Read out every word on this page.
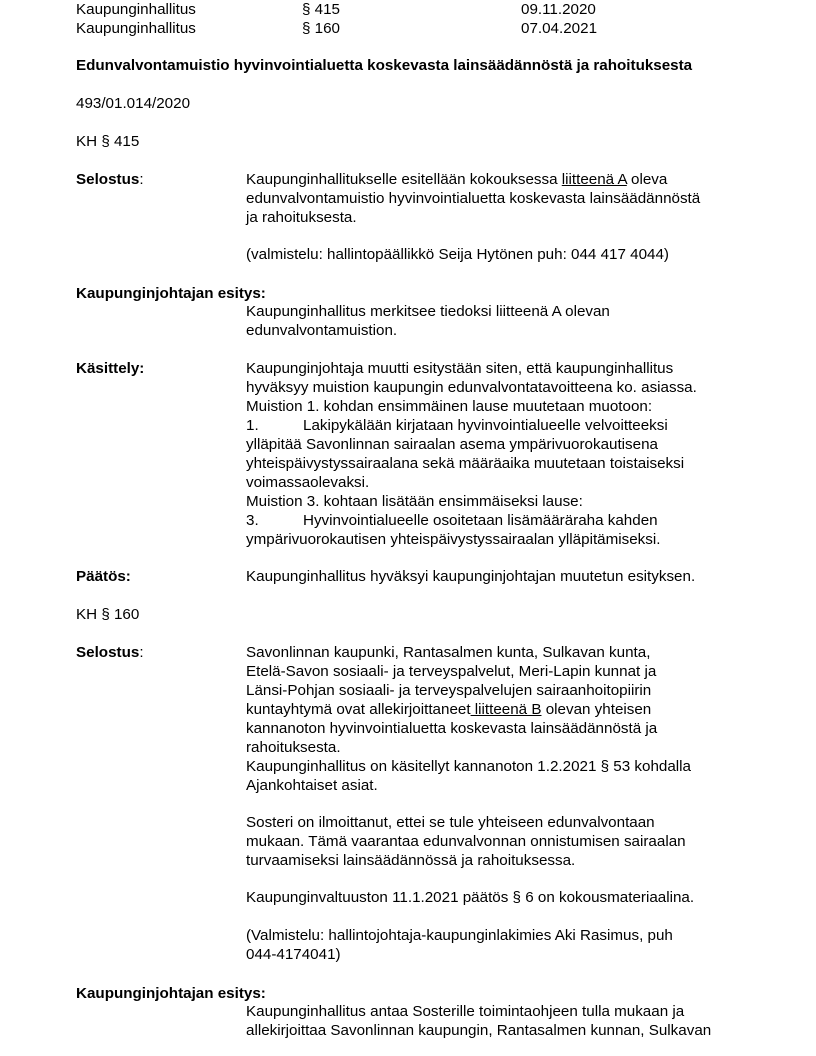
Kaupunginhallitus	§ 415	09.11.2020
Kaupunginhallitus	§ 160	07.04.2021
Edunvalvontamuistio hyvinvointialuetta koskevasta lainsäädännöstä ja rahoituksesta
493/01.014/2020
KH § 415
Selostus:	Kaupunginhallitukselle esitellään kokouksessa liitteenä A oleva
edunvalvontamuistio hyvinvointialuetta koskevasta lainsäädännöstä
ja rahoituksesta.
(valmistelu: hallintopäällikkö Seija Hytönen puh: 044 417 4044)
Kaupunginjohtajan esitys:
Kaupunginhallitus merkitsee tiedoksi liitteenä A olevan
edunvalvontamuistion.
Käsittely:	Kaupunginjohtaja muutti esitystään siten, että kaupunginhallitus
hyväksyy muistion kaupungin edunvalvontatavoitteena ko. asiassa.
Muistion 1. kohdan ensimmäinen lause muutetaan muotoon:
1.	Lakipykälään kirjataan hyvinvointialueelle velvoitteeksi
ylläpitää Savonlinnan sairaalan asema ympärivuorokautisena
yhteispäivystyssairaalana sekä määräaika muutetaan toistaiseksi
voimassaolevaksi.
Muistion 3. kohtaan lisätään ensimmäiseksi lause:
3.	Hyvinvointialueelle osoitetaan lisämääräraha kahden
ympärivuorokautisen yhteispäivystyssairaalan ylläpitämiseksi.
Päätös:	Kaupunginhallitus hyväksyi kaupunginjohtajan muutetun esityksen.
KH § 160
Selostus:	Savonlinnan kaupunki, Rantasalmen kunta, Sulkavan kunta,
Etelä-Savon sosiaali- ja terveyspalvelut, Meri-Lapin kunnat ja
Länsi-Pohjan sosiaali- ja terveyspalvelujen sairaanhoitopiirin
kuntayhtymä ovat allekirjoittaneet liitteenä B olevan yhteisen
kannanoton hyvinvointialuetta koskevasta lainsäädännöstä ja
rahoituksesta.
Kaupunginhallitus on käsitellyt kannanoton 1.2.2021 § 53 kohdalla
Ajankohtaiset asiat.
Sosteri on ilmoittanut, ettei se tule yhteiseen edunvalvontaan
mukaan. Tämä vaarantaa edunvalvonnan onnistumisen sairaalan
turvaamiseksi lainsäädännössä ja rahoituksessa.
Kaupunginvaltuuston 11.1.2021 päätös § 6 on kokousmateriaalina.
(Valmistelu: hallintojohtaja-kaupunginlakimies Aki Rasimus, puh
044-4174041)
Kaupunginjohtajan esitys:
Kaupunginhallitus antaa Sosterille toimintaohjeen tulla mukaan ja
allekirjoittaa Savonlinnan kaupungin, Rantasalmen kunnan, Sulkavan
